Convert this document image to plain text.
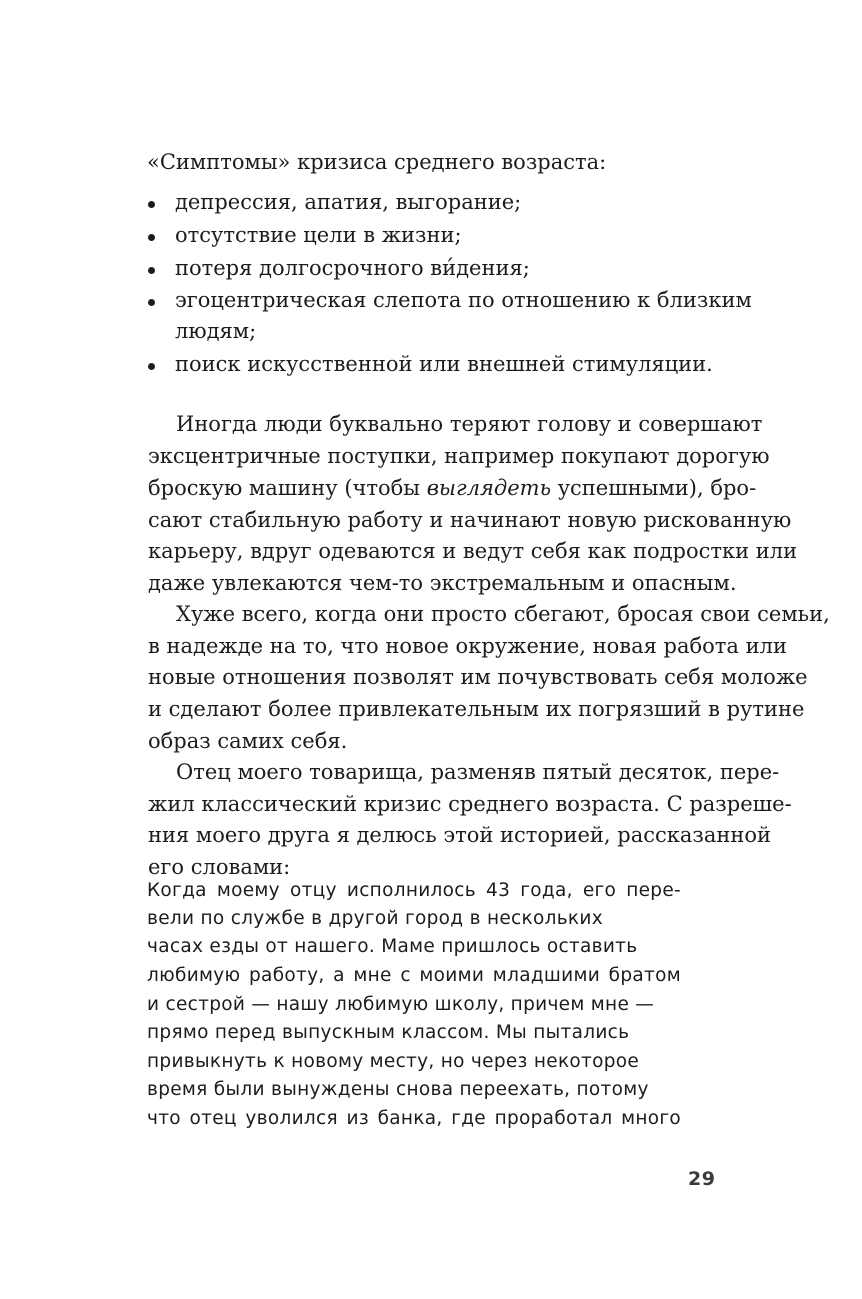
«Симптомы» кризиса среднего возраста:
депрессия, апатия, выгорание;
отсутствие цели в жизни;
потеря долгосрочного ви́дения;
эгоцентрическая слепота по отношению к близким
людям;
поиск искусственной или внешней стимуляции.
Иногда люди буквально теряют голову и совершают
эксцентричные поступки, например покупают дорогую
броскую машину (чтобы выглядеть успешными), бро-
сают стабильную работу и начинают новую рискованную
карьеру, вдруг одеваются и ведут себя как подростки или
даже увлекаются чем-то экстремальным и опасным.
Хуже всего, когда они просто сбегают, бросая свои семьи,
в надежде на то, что новое окружение, новая работа или
новые отношения позволят им почувствовать себя моложе
и сделают более привлекательным их погрязший в рутине
образ самих себя.
Отец моего товарища, разменяв пятый десяток, пере-
жил классический кризис среднего возраста. С разреше-
ния моего друга я делюсь этой историей, рассказанной
его словами:
Когда моему отцу исполнилось 43 года, его пере-
вели по службе в другой город в нескольких
часах езды от нашего. Маме пришлось оставить
любимую работу, а мне с моими младшими братом
и сестрой — нашу любимую школу, причем мне —
прямо перед выпускным классом. Мы пытались
привыкнуть к новому месту, но через некоторое
время были вынуждены снова переехать, потому
что отец уволился из банка, где проработал много
29
